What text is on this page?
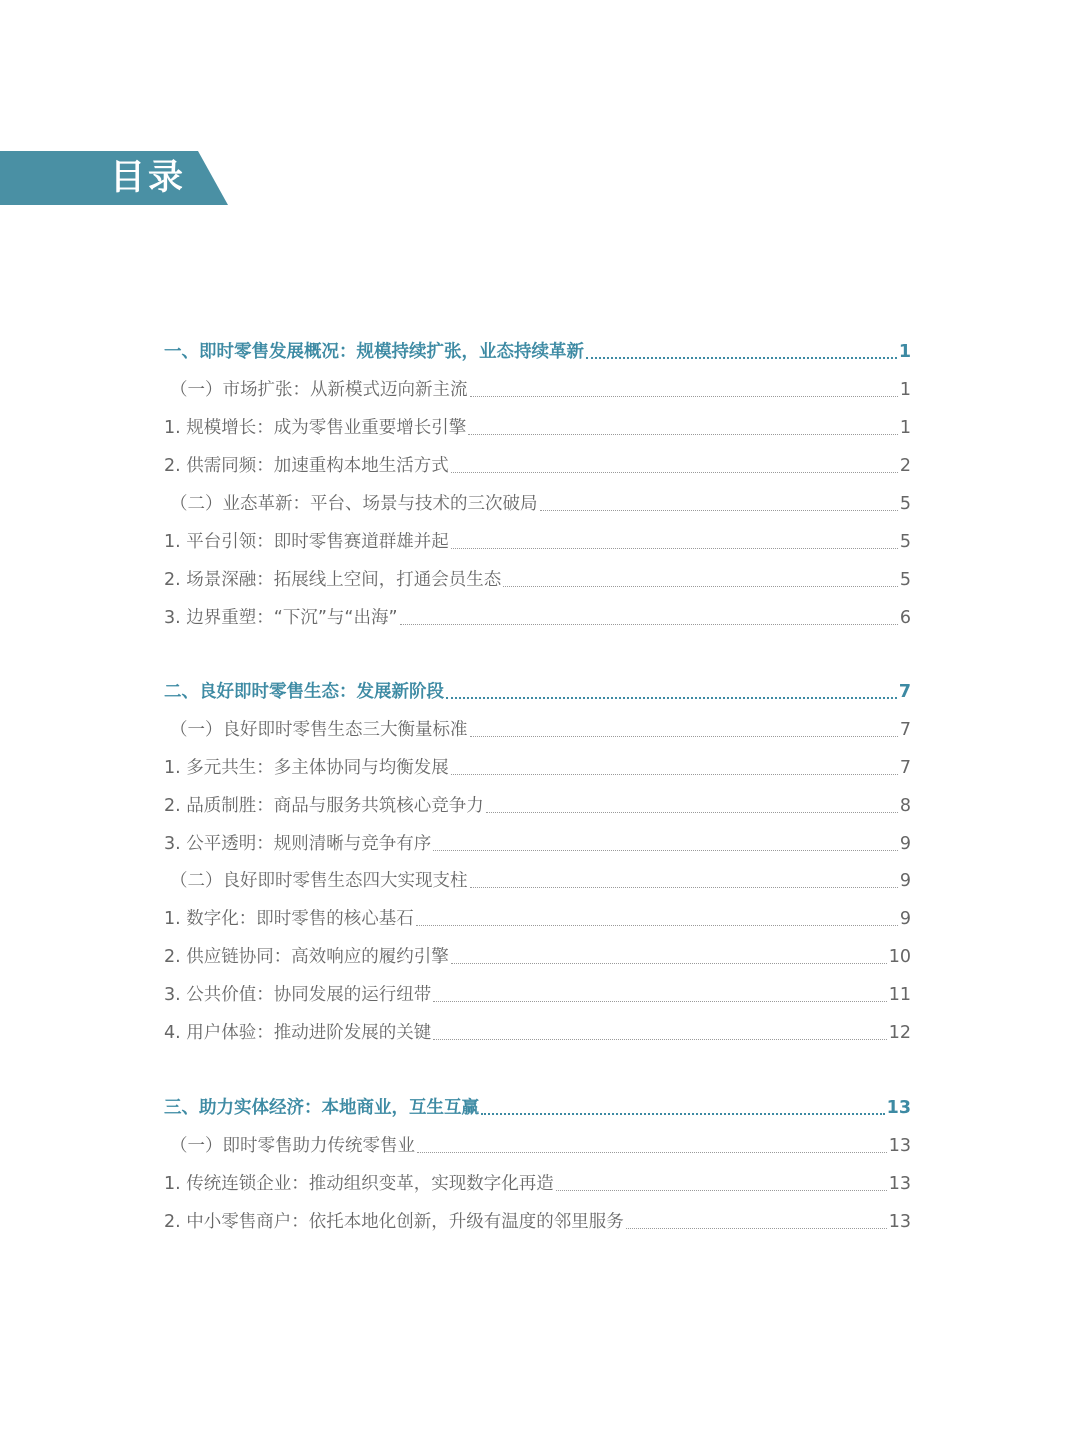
目录
一、即时零售发展概况：规模持续扩张，业态持续革新	1
（一）市场扩张：从新模式迈向新主流	1
1. 规模增长：成为零售业重要增长引擎	1
2. 供需同频：加速重构本地生活方式	2
（二）业态革新：平台、场景与技术的三次破局	5
1. 平台引领：即时零售赛道群雄并起	5
2. 场景深融：拓展线上空间，打通会员生态	5
3. 边界重塑：“下沉”与“出海”	6
二、良好即时零售生态：发展新阶段	7
（一）良好即时零售生态三大衡量标准	7
1. 多元共生：多主体协同与均衡发展	7
2. 品质制胜：商品与服务共筑核心竞争力	8
3. 公平透明：规则清晰与竞争有序	9
（二）良好即时零售生态四大实现支柱	9
1. 数字化：即时零售的核心基石	9
2. 供应链协同：高效响应的履约引擎	10
3. 公共价值：协同发展的运行纽带	11
4. 用户体验：推动进阶发展的关键	12
三、助力实体经济：本地商业，互生互赢	13
（一）即时零售助力传统零售业	13
1. 传统连锁企业：推动组织变革，实现数字化再造	13
2. 中小零售商户：依托本地化创新，升级有温度的邻里服务	13
